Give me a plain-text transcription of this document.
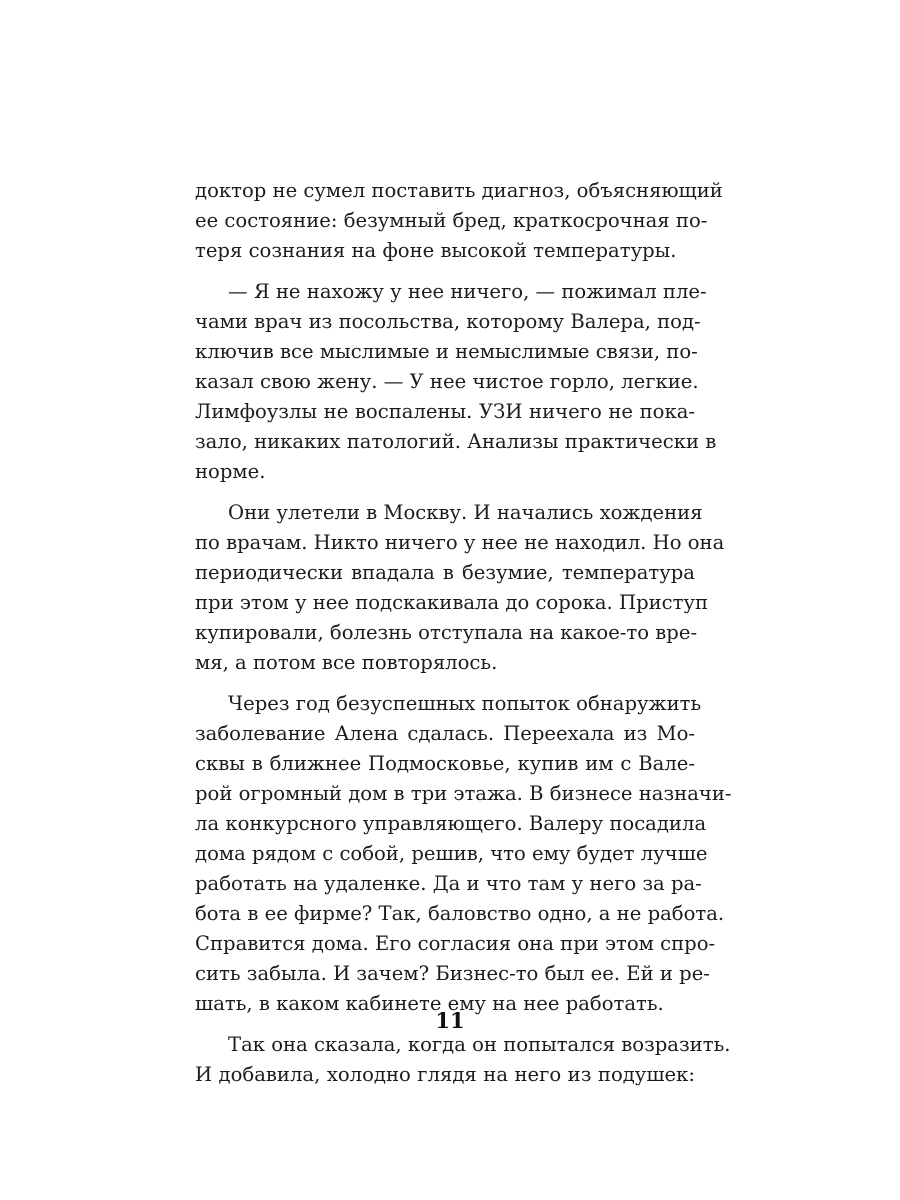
доктор не сумел поставить диагноз, объясняющий
ее состояние: безумный бред, краткосрочная по-
теря сознания на фоне высокой температуры.
— Я не нахожу у нее ничего, — пожимал пле-
чами врач из посольства, которому Валера, под-
ключив все мыслимые и немыслимые связи, по-
казал свою жену. — У нее чистое горло, легкие.
Лимфоузлы не воспалены. УЗИ ничего не пока-
зало, никаких патологий. Анализы практически в
норме.
Они улетели в Москву. И начались хождения
по врачам. Никто ничего у нее не находил. Но она
периодически впадала в безумие, температура
при этом у нее подскакивала до сорока. Приступ
купировали, болезнь отступала на какое-то вре-
мя, а потом все повторялось.
Через год безуспешных попыток обнаружить
заболевание Алена сдалась. Переехала из Мо-
сквы в ближнее Подмосковье, купив им с Вале-
рой огромный дом в три этажа. В бизнесе назначи-
ла конкурсного управляющего. Валеру посадила
дома рядом с собой, решив, что ему будет лучше
работать на удаленке. Да и что там у него за ра-
бота в ее фирме? Так, баловство одно, а не работа.
Справится дома. Его согласия она при этом спро-
сить забыла. И зачем? Бизнес-то был ее. Ей и ре-
шать, в каком кабинете ему на нее работать.
Так она сказала, когда он попытался возразить.
И добавила, холодно глядя на него из подушек:
11
